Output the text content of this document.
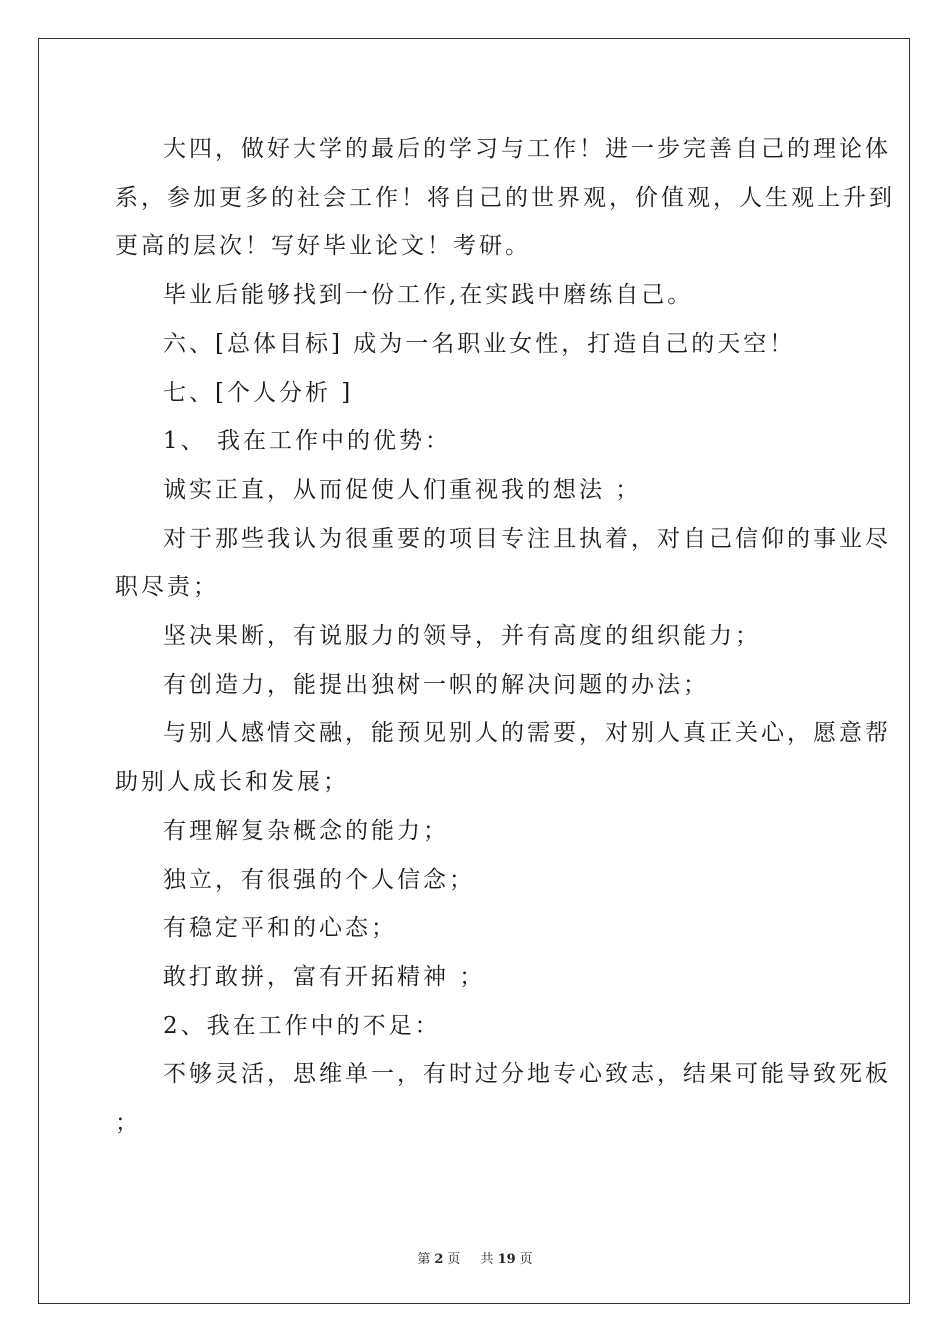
大四，做好大学的最后的学习与工作！进一步完善自己的理论体

系，参加更多的社会工作！将自己的世界观，价值观，人生观上升到

更高的层次！写好毕业论文！考研。

毕业后能够找到一份工作,在实践中磨练自己。

六、[总体目标] 成为一名职业女性，打造自己的天空！

七、[个人分析 ]

1、 我在工作中的优势：

诚实正直，从而促使人们重视我的想法 ；

对于那些我认为很重要的项目专注且执着，对自己信仰的事业尽

职尽责；

坚决果断，有说服力的领导，并有高度的组织能力；

有创造力，能提出独树一帜的解决问题的办法；

与别人感情交融，能预见别人的需要，对别人真正关心，愿意帮

助别人成长和发展；

有理解复杂概念的能力；

独立，有很强的个人信念；

有稳定平和的心态；

敢打敢拼，富有开拓精神 ；

2、我在工作中的不足：

不够灵活，思维单一，有时过分地专心致志，结果可能导致死板

；

第 2 页 共 19 页
